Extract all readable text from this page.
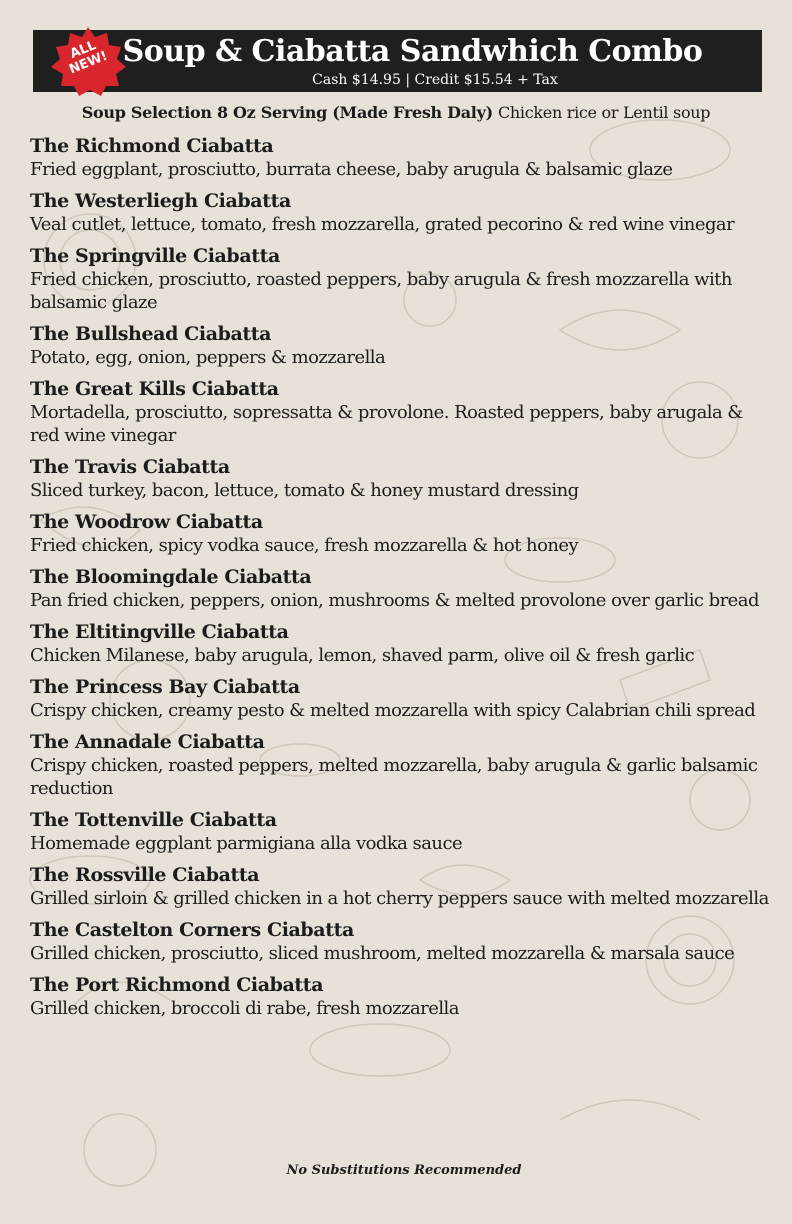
Soup & Ciabatta Sandwhich Combo
Cash $14.95 | Credit $15.54 + Tax
ALL NEW!
Soup Selection 8 Oz Serving (Made Fresh Daly) Chicken rice or Lentil soup

The Richmond Ciabatta

Fried eggplant, prosciutto, burrata cheese, baby arugula & balsamic glaze

The Westerliegh Ciabatta

Veal cutlet, lettuce, tomato, fresh mozzarella, grated pecorino & red wine vinegar

The Springville Ciabatta

Fried chicken, prosciutto, roasted peppers, baby arugula & fresh mozzarella with balsamic glaze

The Bullshead Ciabatta

Potato, egg, onion, peppers & mozzarella

The Great Kills Ciabatta

Mortadella, prosciutto, sopressatta & provolone. Roasted peppers, baby arugala & red wine vinegar

The Travis Ciabatta

Sliced turkey, bacon, lettuce, tomato & honey mustard dressing

The Woodrow Ciabatta

Fried chicken, spicy vodka sauce, fresh mozzarella & hot honey

The Bloomingdale Ciabatta

Pan fried chicken, peppers, onion, mushrooms & melted provolone over garlic bread

The Eltitingville Ciabatta

Chicken Milanese, baby arugula, lemon, shaved parm, olive oil & fresh garlic

The Princess Bay Ciabatta

Crispy chicken, creamy pesto & melted mozzarella with spicy Calabrian chili spread

The Annadale Ciabatta

Crispy chicken, roasted peppers, melted mozzarella, baby arugula & garlic balsamic reduction

The Tottenville Ciabatta

Homemade eggplant parmigiana alla vodka sauce

The Rossville Ciabatta

Grilled sirloin & grilled chicken in a hot cherry peppers sauce with melted mozzarella

The Castelton Corners Ciabatta

Grilled chicken, prosciutto, sliced mushroom, melted mozzarella & marsala sauce

The Port Richmond Ciabatta

Grilled chicken, broccoli di rabe, fresh mozzarella

No Substitutions Recommended
